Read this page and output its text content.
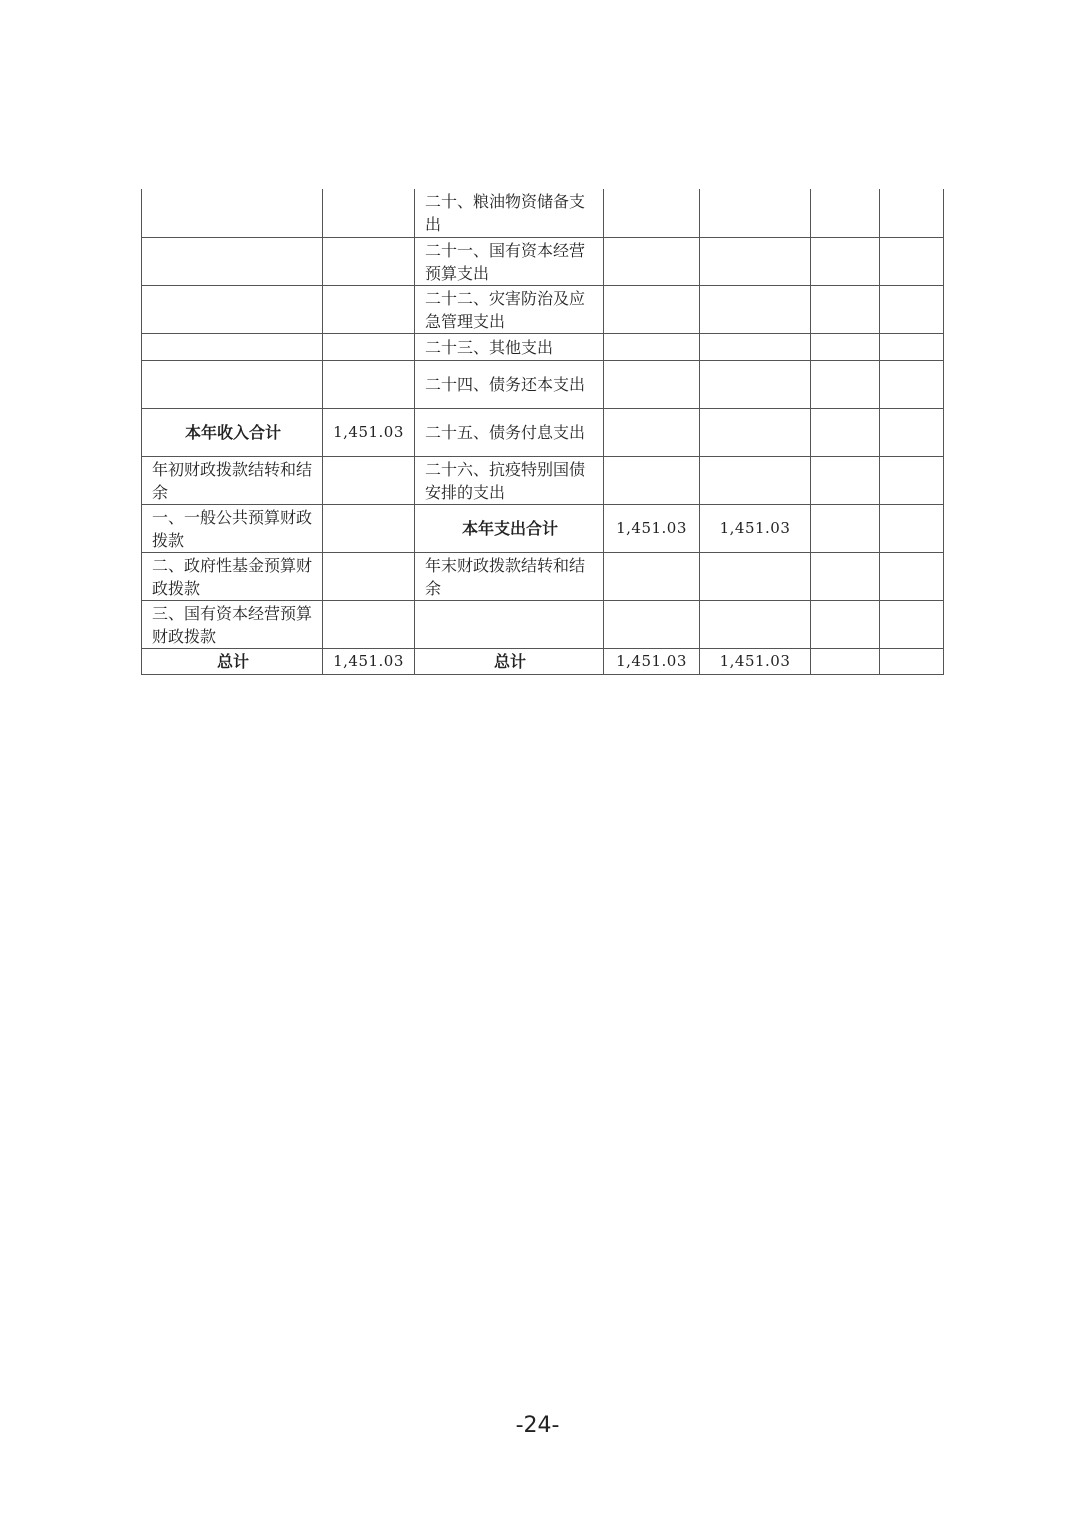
		二十、粮油物资储备支出				
		二十一、国有资本经营预算支出				
		二十二、灾害防治及应急管理支出				
		二十三、其他支出				
		二十四、债务还本支出				
本年收入合计	1,451.03	二十五、债务付息支出				
年初财政拨款结转和结余		二十六、抗疫特别国债安排的支出				
一、一般公共预算财政拨款		本年支出合计	1,451.03	1,451.03		
二、政府性基金预算财政拨款		年末财政拨款结转和结余				
三、国有资本经营预算财政拨款						
总计	1,451.03	总计	1,451.03	1,451.03		
-24-
